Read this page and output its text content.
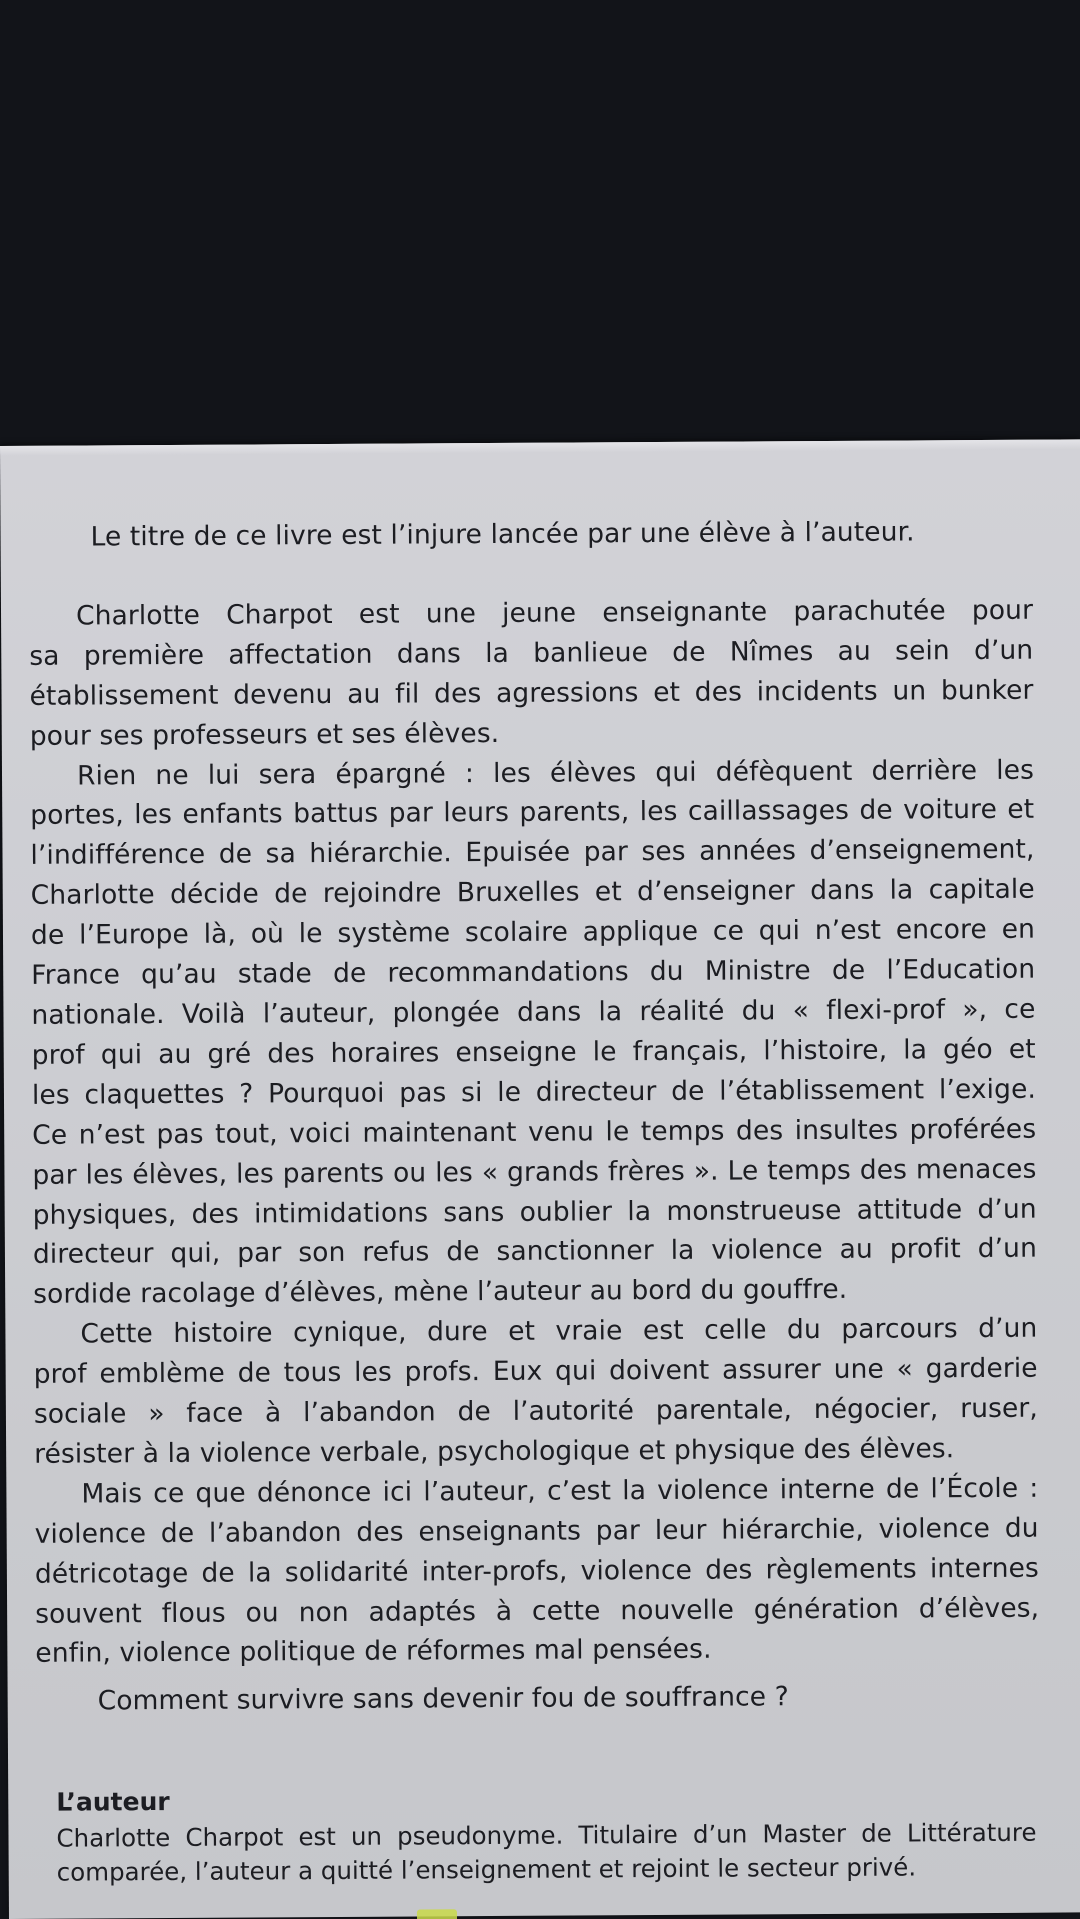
Le titre de ce livre est l’injure lancée par une élève à l’auteur.

Charlotte Charpot est une jeune enseignante parachutée pour
sa première affectation dans la banlieue de Nîmes au sein d’un
établissement devenu au fil des agressions et des incidents un bunker
pour ses professeurs et ses élèves.

Rien ne lui sera épargné : les élèves qui défèquent derrière les
portes, les enfants battus par leurs parents, les caillassages de voiture et
l’indifférence de sa hiérarchie. Epuisée par ses années d’enseignement,
Charlotte décide de rejoindre Bruxelles et d’enseigner dans la capitale
de l’Europe là, où le système scolaire applique ce qui n’est encore en
France qu’au stade de recommandations du Ministre de l’Education
nationale. Voilà l’auteur, plongée dans la réalité du « flexi-prof », ce
prof qui au gré des horaires enseigne le français, l’histoire, la géo et
les claquettes ? Pourquoi pas si le directeur de l’établissement l’exige.
Ce n’est pas tout, voici maintenant venu le temps des insultes proférées
par les élèves, les parents ou les « grands frères ». Le temps des menaces
physiques, des intimidations sans oublier la monstrueuse attitude d’un
directeur qui, par son refus de sanctionner la violence au profit d’un
sordide racolage d’élèves, mène l’auteur au bord du gouffre.

Cette histoire cynique, dure et vraie est celle du parcours d’un
prof emblème de tous les profs. Eux qui doivent assurer une « garderie
sociale » face à l’abandon de l’autorité parentale, négocier, ruser,
résister à la violence verbale, psychologique et physique des élèves.

Mais ce que dénonce ici l’auteur, c’est la violence interne de l’École :
violence de l’abandon des enseignants par leur hiérarchie, violence du
détricotage de la solidarité inter-profs, violence des règlements internes
souvent flous ou non adaptés à cette nouvelle génération d’élèves,
enfin, violence politique de réformes mal pensées.

Comment survivre sans devenir fou de souffrance ?

L’auteur

Charlotte Charpot est un pseudonyme. Titulaire d’un Master de Littérature
comparée, l’auteur a quitté l’enseignement et rejoint le secteur privé.
